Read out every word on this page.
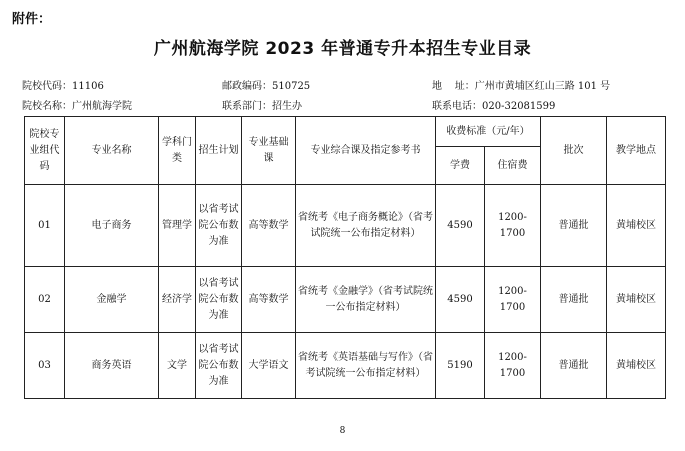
附件：
广州航海学院 2023 年普通专升本招生专业目录
院校代码：11106	邮政编码：510725	地    址：广州市黄埔区红山三路 101 号
院校名称：广州航海学院	联系部门：招生办	联系电话：020-32081599
院校专业组代码	专业名称	学科门类	招生计划	专业基础课	专业综合课及指定参考书	收费标准（元/年）		批次	教学地点
						学费	住宿费		
01	电子商务	管理学	以省考试院公布数为准	高等数学	省统考《电子商务概论》（省考试院统一公布指定材料）	4590	1200-1700	普通批	黄埔校区
02	金融学	经济学	以省考试院公布数为准	高等数学	省统考《金融学》（省考试院统一公布指定材料）	4590	1200-1700	普通批	黄埔校区
03	商务英语	文学	以省考试院公布数为准	大学语文	省统考《英语基础与写作》（省考试院统一公布指定材料）	5190	1200-1700	普通批	黄埔校区
8
